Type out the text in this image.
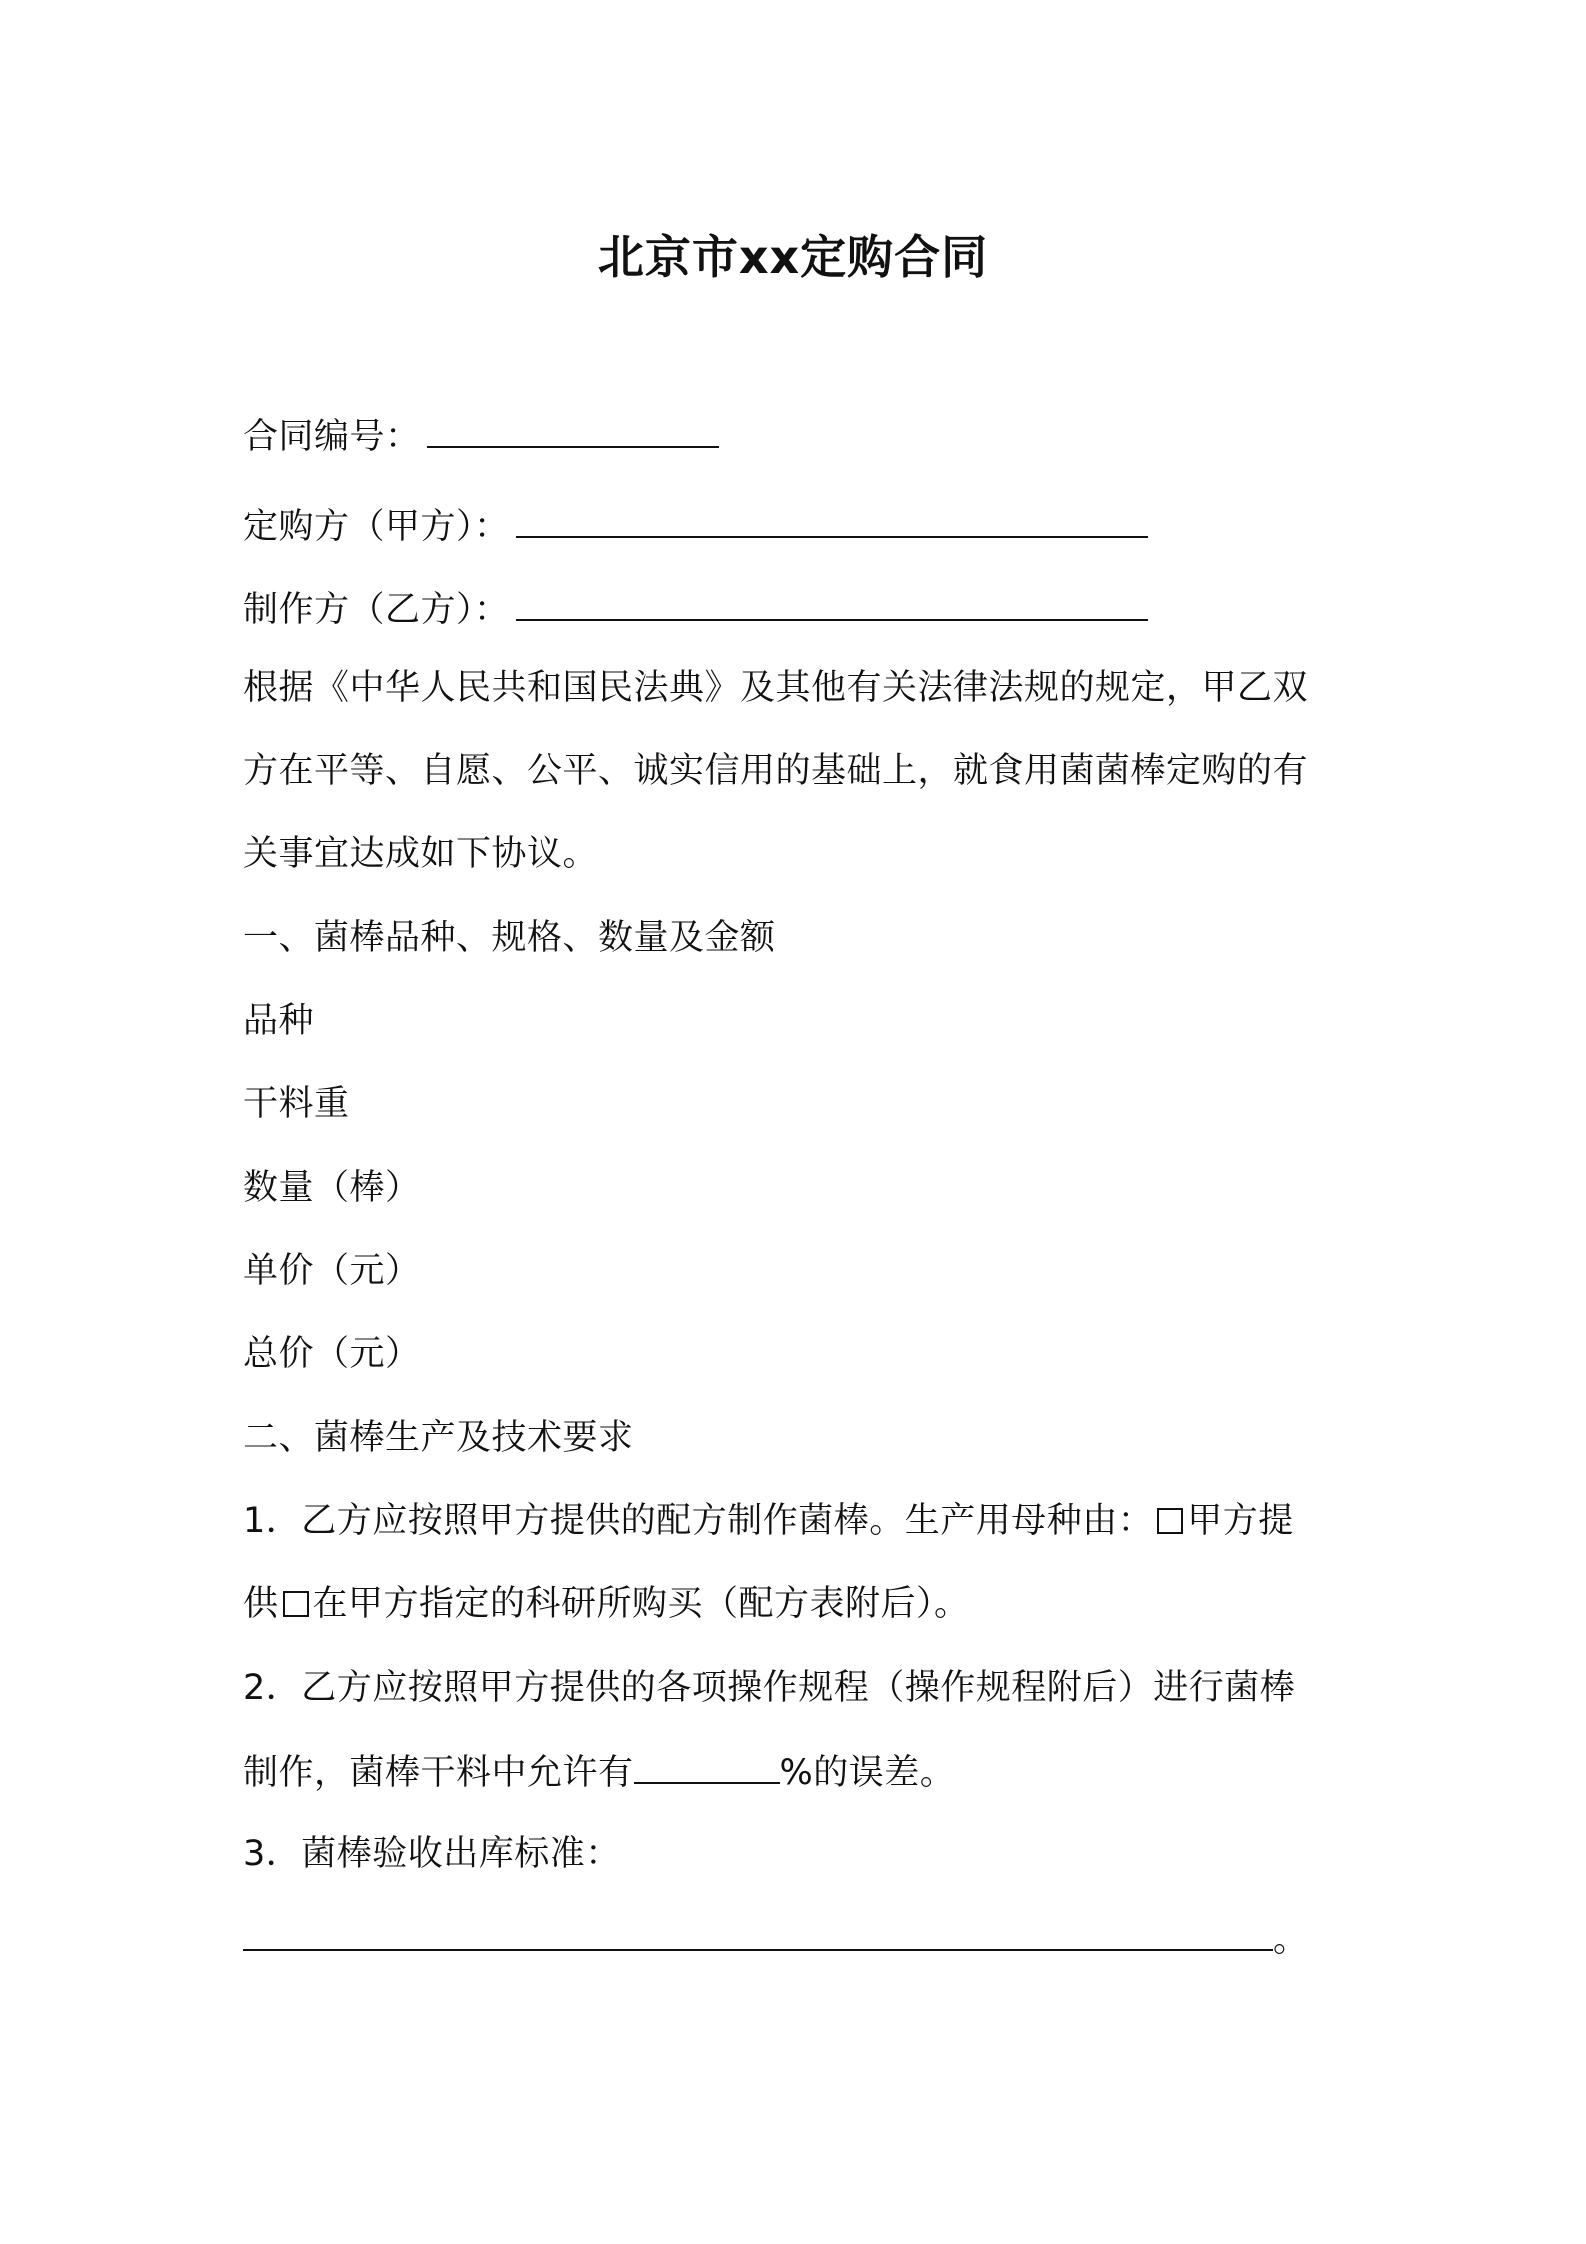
北京市xx定购合同
合同编号：
定购方（甲方）：
制作方（乙方）：
根据《中华人民共和国民法典》及其他有关法律法规的规定，甲乙双
方在平等、自愿、公平、诚实信用的基础上，就食用菌菌棒定购的有
关事宜达成如下协议。
一、菌棒品种、规格、数量及金额
品种
干料重
数量（棒）
单价（元）
总价（元）
二、菌棒生产及技术要求
1．乙方应按照甲方提供的配方制作菌棒。生产用母种由： 甲方提
供 在甲方指定的科研所购买（配方表附后）。
2．乙方应按照甲方提供的各项操作规程（操作规程附后）进行菌棒
制作，菌棒干料中允许有	%的误差。
3．菌棒验收出库标准：
。
